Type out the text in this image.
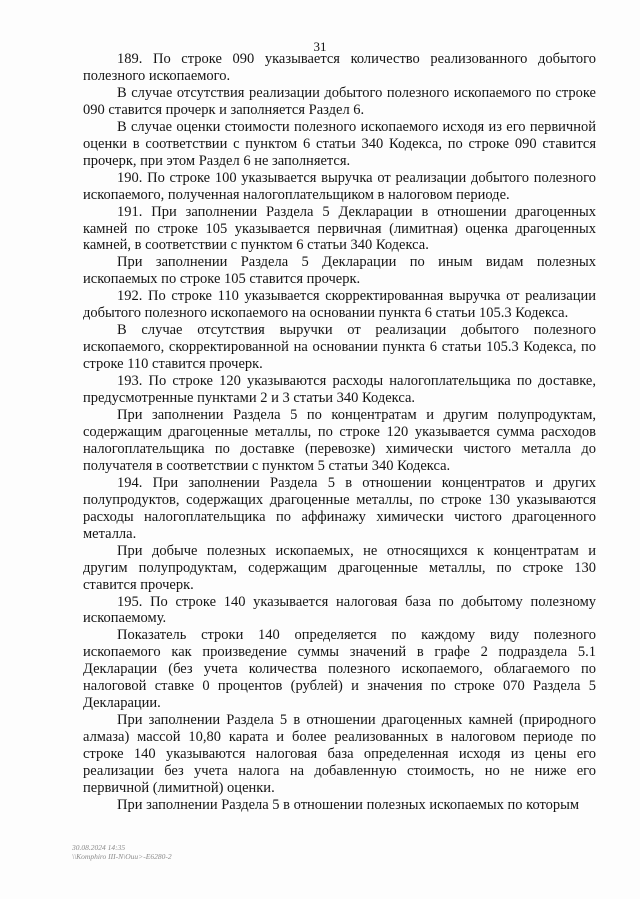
31

189. По строке 090 указывается количество реализованного добытого полезного ископаемого.

В случае отсутствия реализации добытого полезного ископаемого по строке 090 ставится прочерк и заполняется Раздел 6.

В случае оценки стоимости полезного ископаемого исходя из его первичной оценки в соответствии с пунктом 6 статьи 340 Кодекса, по строке 090 ставится прочерк, при этом Раздел 6 не заполняется.

190. По строке 100 указывается выручка от реализации добытого полезного ископаемого, полученная налогоплательщиком в налоговом периоде.

191. При заполнении Раздела 5 Декларации в отношении драгоценных камней по строке 105 указывается первичная (лимитная) оценка драгоценных камней, в соответствии с пунктом 6 статьи 340 Кодекса.

При заполнении Раздела 5 Декларации по иным видам полезных ископаемых по строке 105 ставится прочерк.

192. По строке 110 указывается скорректированная выручка от реализации добытого полезного ископаемого на основании пункта 6 статьи 105.3 Кодекса.

В случае отсутствия выручки от реализации добытого полезного ископаемого, скорректированной на основании пункта 6 статьи 105.3 Кодекса, по строке 110 ставится прочерк.

193. По строке 120 указываются расходы налогоплательщика по доставке, предусмотренные пунктами 2 и 3 статьи 340 Кодекса.

При заполнении Раздела 5 по концентратам и другим полупродуктам, содержащим драгоценные металлы, по строке 120 указывается сумма расходов налогоплательщика по доставке (перевозке) химически чистого металла до получателя в соответствии с пунктом 5 статьи 340 Кодекса.

194. При заполнении Раздела 5 в отношении концентратов и других полупродуктов, содержащих драгоценные металлы, по строке 130 указываются расходы налогоплательщика по аффинажу химически чистого драгоценного металла.

При добыче полезных ископаемых, не относящихся к концентратам и другим полупродуктам, содержащим драгоценные металлы, по строке 130 ставится прочерк.

195. По строке 140 указывается налоговая база по добытому полезному ископаемому.

Показатель строки 140 определяется по каждому виду полезного ископаемого как произведение суммы значений в графе 2 подраздела 5.1 Декларации (без учета количества полезного ископаемого, облагаемого по налоговой ставке 0 процентов (рублей) и значения по строке 070 Раздела 5 Декларации.

При заполнении Раздела 5 в отношении драгоценных камней (природного алмаза) массой 10,80 карата и более реализованных в налоговом периоде по строке 140 указываются налоговая база определенная исходя из цены его реализации без учета налога на добавленную стоимость, но не ниже его первичной (лимитной) оценки.

При заполнении Раздела 5 в отношении полезных ископаемых по которым

30.08.2024 14:35
\\Komphiro III-N\Ouu>-E6280-2
